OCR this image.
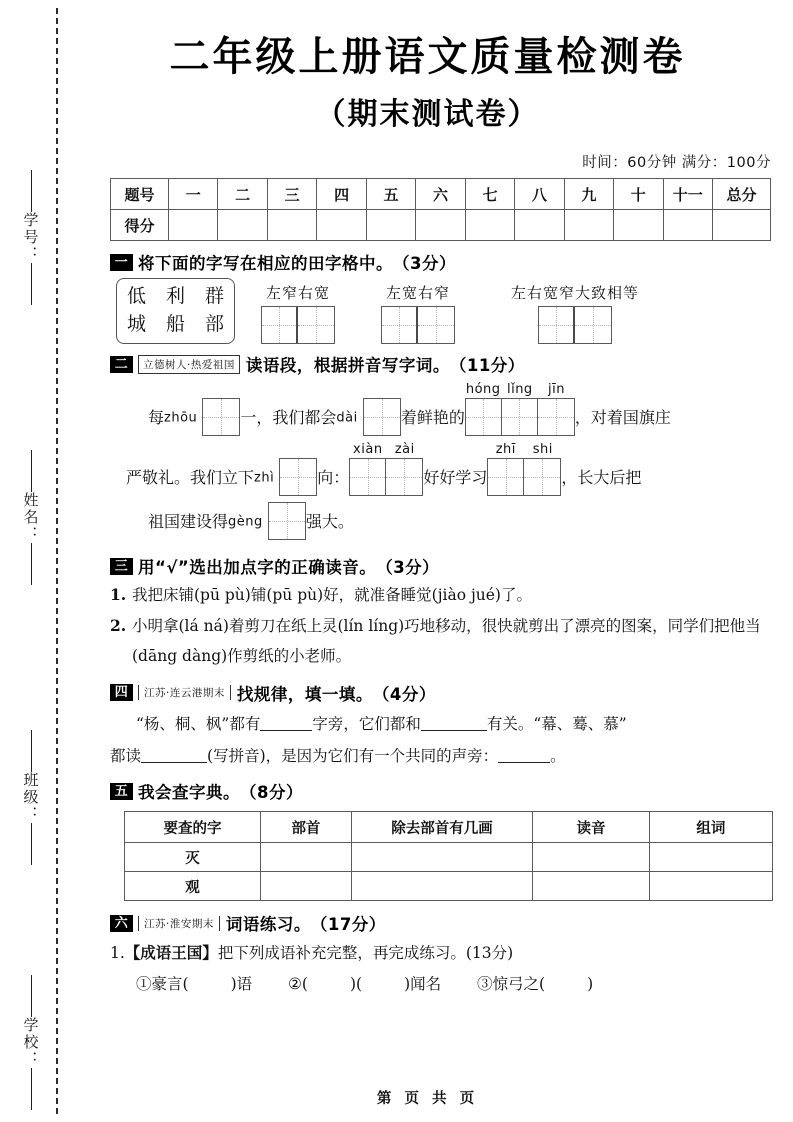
学号：
姓名：
班级：
学校：
二年级上册语文质量检测卷
（期末测试卷）
时间：60分钟 满分：100分
题号	一	二	三	四	五	六	七	八	九	十	十一	总分
得分												
一 将下面的字写在相应的田字格中。 （3分）
低 利 群
城 船 部
左窄右宽	左宽右窄	左右宽窄大致相等
二	立德树人·热爱祖国 读语段，根据拼音写字词。 （11分）
每 zhōu	一，我们都会 dài	着鲜艳的
hóng lǐng	jīn
，对着国旗庄
严敬礼。我们立下 zhì	向：
xiàn zài
好好学习
zhī	shi
，长大后把
祖国建设得 gèng	强大。
三 用“√”选出加点字的正确读音。 （3分）
1. 我把床铺(pū pù)铺(pū pù)好，就准备睡觉(jiào jué)了。
2. 小明拿(lá ná)着剪刀在纸上灵(lín líng)巧地移动，很快就剪出了漂亮的图案，同学们把他当(dāng dàng)作剪纸的小老师。
四	江苏·连云港期末 找规律，填一填。 （4分）
“杨、桐、枫”都有	字旁，它们都和	有关。“幕、蓦、慕”
都读	(写拼音)，是因为它们有一个共同的声旁：	。
五 我会查字典。 （8分）
要查的字	部首	除去部首有几画	读音	组词
灭				
观				
六	江苏·淮安期末 词语练习。 （17分）
1.【成语王国】把下列成语补充完整，再完成练习。(13分)
①豪言(	)语 ②(	)(	)闻名 ③惊弓之(	)
第 页 共 页
